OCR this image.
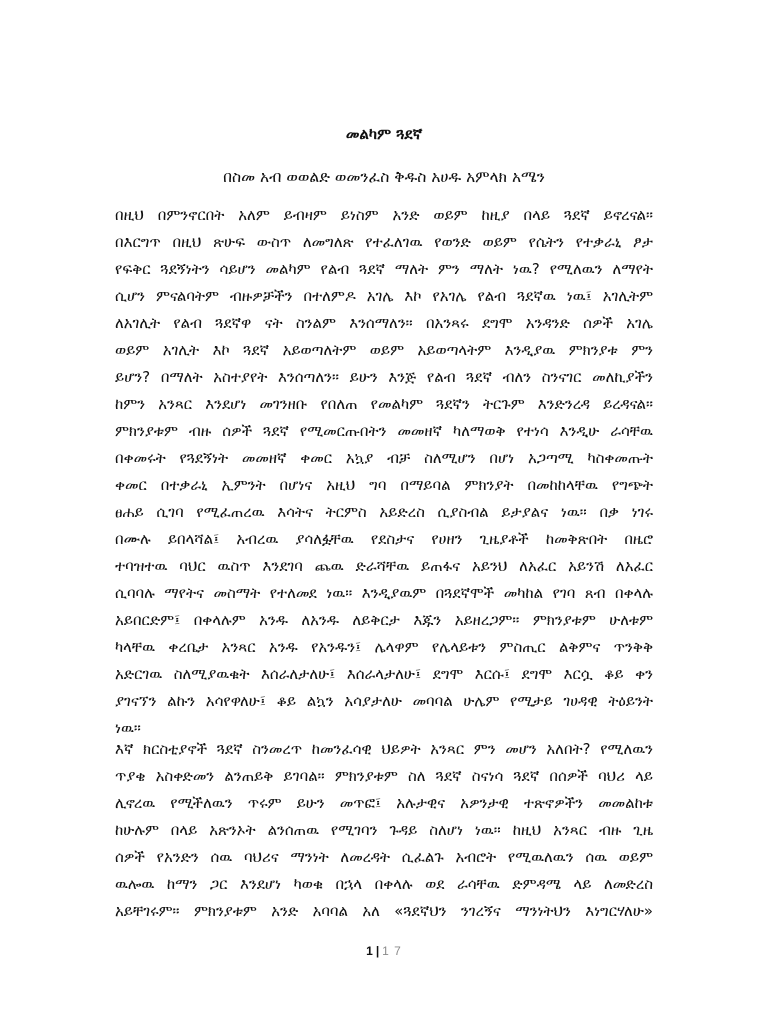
መልካም ጓደኛ
በስመ አብ ወወልድ ወመንፈስ ቅዱስ አሀዱ አምላክ አሜን
በዚህ በምንኖርበት አለም ይብዛም ይነስም አንድ ወይም ከዚያ በላይ ጓደኛ ይኖረናል።
በእርግጥ በዚህ ጽሁፍ ውስጥ ለመግለጽ የተፈለገዉ የወንድ ወይም የሴትን የተቃራኒ ፆታ
የፍቅር ጓደኝነትን ሳይሆን መልካም የልብ ጓደኛ ማለት ምን ማለት ነዉ? የሚለዉን ለማየት
ሲሆን ምናልባትም ብዙዎቻችን በተለምዶ አገሌ እኮ የአገሌ የልብ ጓደኛዉ ነዉ፤ አገሊትም
ለአገሊት የልብ ጓደኛዋ ናት ስንልም እንሰማለን። በአንጻሩ ደግሞ አንዳንድ ሰዎች አገሌ
ወይም አገሊት እኮ ጓደኛ አይወጣለትም ወይም አይወጣላትም እንዲያዉ ምክንያቱ ምን
ይሆን? በማለት አስተያየት እንሰጣለን። ይሁን እንጅ የልብ ጓደኛ ብለን ስንናገር መለኪያችን
ከምን አንጻር እንደሆነ መገንዘቡ የበለጠ የመልካም ጓደኛን ትርጉም እንድንረዳ ይረዳናል።
ምክንያቱም ብዙ ሰዎች ጓደኛ የሚመርጡበትን መመዘኛ ካለማወቅ የተነሳ እንዲሁ ራሳቸዉ
በቀመሩት የጓደኝነት መመዘኛ ቀመር አኳያ ብቻ ስለሚሆን በሆነ አጋጣሚ ካስቀመጡት
ቀመር በተቃራኒ ኢምንት በሆነና አዚህ ግባ በማይባል ምክንያት በመከከላቸዉ የግጭት
ፀሐይ ሲገባ የሚፈጠረዉ እሳትና ትርምስ አይድረስ ሲያስብል ይታያልና ነዉ። በቃ ነገሩ
በሙሉ ይበላሻል፤ አብረዉ ያሳለፏቸዉ የደስታና የሀዘን ጊዜያቶች ከመቅጽበት በዜሮ
ተባዝተዉ ባህር ዉስጥ እንደገባ ጨዉ ድራሻቸዉ ይጠፋና አይንህ ለአፈር አይንሽ ለአፈር
ሲባባሉ ማየትና መስማት የተለመደ ነዉ። እንዲያዉም በጓደኛሞች መካከል የገባ ጸብ በቀላሉ
አይበርድም፤ በቀላሉም አንዱ ለአንዱ ለይቅርታ እጁን አይዘረጋም። ምክንያቱም ሁለቱም
ካላቸዉ ቀረቤታ አንጻር አንዱ የአንዱን፤ ሌላዋም የሌላይቱን ምስጢር ልቅምና ጥንቅቅ
አድርገዉ ስለሚያዉቁት እሰራለታለሁ፤ እሰራላታለሁ፤ ደግሞ እርሱ፤ ደግሞ እርሷ ቆይ ቀን
ያገናኘን ልኩን አሳየዋለሁ፤ ቆይ ልኳን አሳያታለሁ መባባል ሁሌም የሚታይ ገሀዳዊ ትዕይንት
ነዉ።
እኛ ክርስቲያኖች ጓደኛ ስንመረጥ ከመንፈሳዊ ህይዎት አንጻር ምን መሆን አለበት? የሚለዉን
ጥያቄ አስቀድመን ልንጠይቅ ይገባል። ምክንያቱም ስለ ጓደኛ ስናነሳ ጓደኛ በሰዎች ባህሪ ላይ
ሊኖረዉ የሚችለዉን ጥሩም ይሁን መጥፎ፤ አሉታዊና አዎንታዊ ተጽኖዎችን መመልከቱ
ከሁሉም በላይ አጽንኦት ልንሰጠዉ የሚገባን ጉዳይ ስለሆነ ነዉ። ከዚህ አንጻር ብዙ ጊዜ
ሰዎች የአንድን ሰዉ ባህሪና ማንነት ለመረዳት ሲፈልጉ አብሮት የሚዉለዉን ሰዉ ወይም
ዉሎዉ ከማን ጋር እንደሆነ ካወቁ በኋላ በቀላሉ ወደ ራሳቸዉ ድምዳሜ ላይ ለመድረስ
አይቸገሩም። ምክንያቱም አንድ አባባል አለ «ጓደኛህን ንገረኝና ማንነትህን እነግርሃለሁ»
1 | 1 7
